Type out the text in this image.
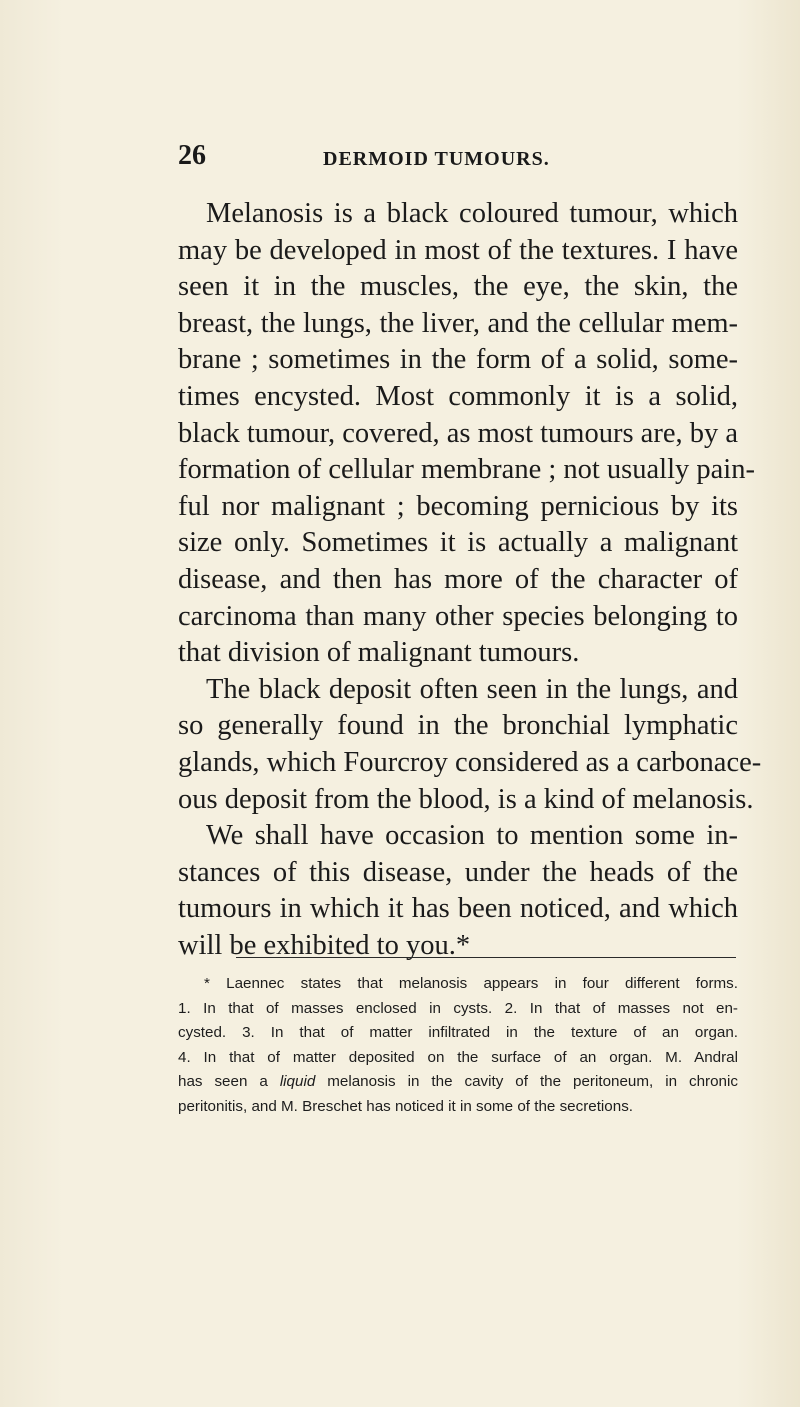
26	DERMOID TUMOURS.
Melanosis is a black coloured tumour, which
may be developed in most of the textures. I have
seen it in the muscles, the eye, the skin, the
breast, the lungs, the liver, and the cellular mem-
brane ; sometimes in the form of a solid, some-
times encysted. Most commonly it is a solid,
black tumour, covered, as most tumours are, by a
formation of cellular membrane ; not usually pain-
ful nor malignant ; becoming pernicious by its
size only. Sometimes it is actually a malignant
disease, and then has more of the character of
carcinoma than many other species belonging to
that division of malignant tumours.
The black deposit often seen in the lungs, and
so generally found in the bronchial lymphatic
glands, which Fourcroy considered as a carbonace-
ous deposit from the blood, is a kind of melanosis.
We shall have occasion to mention some in-
stances of this disease, under the heads of the
tumours in which it has been noticed, and which
will be exhibited to you.*
* Laennec states that melanosis appears in four different forms.
1. In that of masses enclosed in cysts. 2. In that of masses not en-
cysted. 3. In that of matter infiltrated in the texture of an organ.
4. In that of matter deposited on the surface of an organ. M. Andral
has seen a liquid melanosis in the cavity of the peritoneum, in chronic
peritonitis, and M. Breschet has noticed it in some of the secretions.
